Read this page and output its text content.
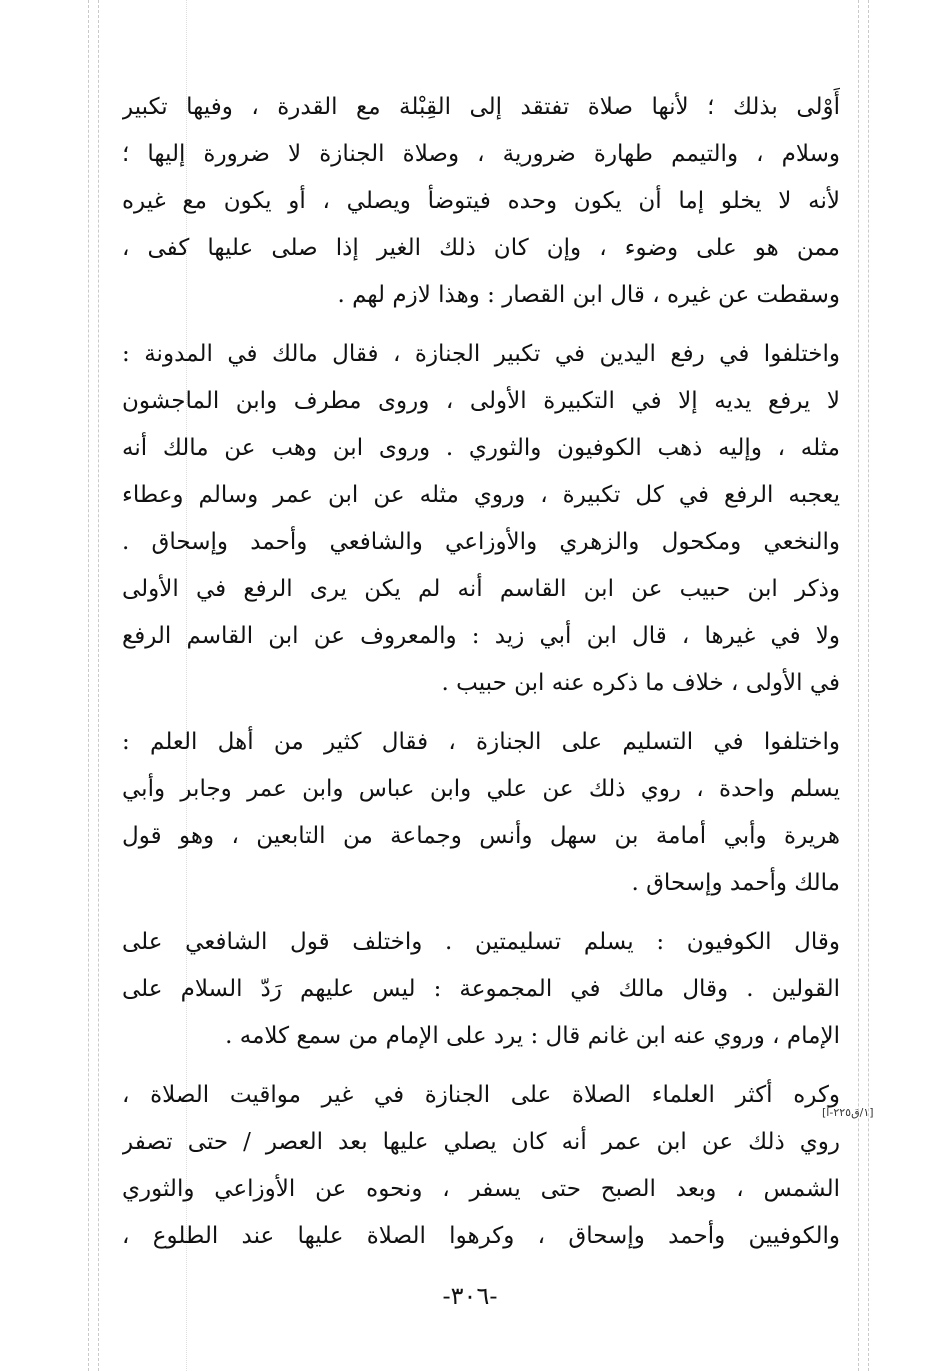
أَوْلى بذلك ؛ لأنها صلاة تفتقد إلى القِبْلة مع القدرة ، وفيها تكبير
وسلام ، والتيمم طهارة ضرورية ، وصلاة الجنازة لا ضرورة إليها ؛
لأنه لا يخلو إما أن يكون وحده فيتوضأ ويصلي ، أو يكون مع غيره
ممن هو على وضوء ، وإن كان ذلك الغير إذا صلى عليها كفى ،
وسقطت عن غيره ، قال ابن القصار : وهذا لازم لهم .
واختلفوا في رفع اليدين في تكبير الجنازة ، فقال مالك في المدونة :
لا يرفع يديه إلا في التكبيرة الأولى ، وروى مطرف وابن الماجشون
مثله ، وإليه ذهب الكوفيون والثوري . وروى ابن وهب عن مالك أنه
يعجبه الرفع في كل تكبيرة ، وروي مثله عن ابن عمر وسالم وعطاء
والنخعي ومكحول والزهري والأوزاعي والشافعي وأحمد وإسحاق .
وذكر ابن حبيب عن ابن القاسم أنه لم يكن يرى الرفع في الأولى
ولا في غيرها ، قال ابن أبي زيد : والمعروف عن ابن القاسم الرفع
في الأولى ، خلاف ما ذكره عنه ابن حبيب .
واختلفوا في التسليم على الجنازة ، فقال كثير من أهل العلم :
يسلم واحدة ، روي ذلك عن علي وابن عباس وابن عمر وجابر وأبي
هريرة وأبي أمامة بن سهل وأنس وجماعة من التابعين ، وهو قول
مالك وأحمد وإسحاق .
وقال الكوفيون : يسلم تسليمتين . واختلف قول الشافعي على
القولين . وقال مالك في المجموعة : ليس عليهم رَدّ السلام على
الإمام ، وروي عنه ابن غانم قال : يرد على الإمام من سمع كلامه .
وكره أكثر العلماء الصلاة على الجنازة في غير مواقيت الصلاة ،
روي ذلك عن ابن عمر أنه كان يصلي عليها بعد العصر / حتى تصفر
الشمس ، وبعد الصبح حتى يسفر ، ونحوه عن الأوزاعي والثوري
والكوفيين وأحمد وإسحاق ، وكرهوا الصلاة عليها عند الطلوع ،
[١/ق٢٢٥-أ]
-٣٠٦-
